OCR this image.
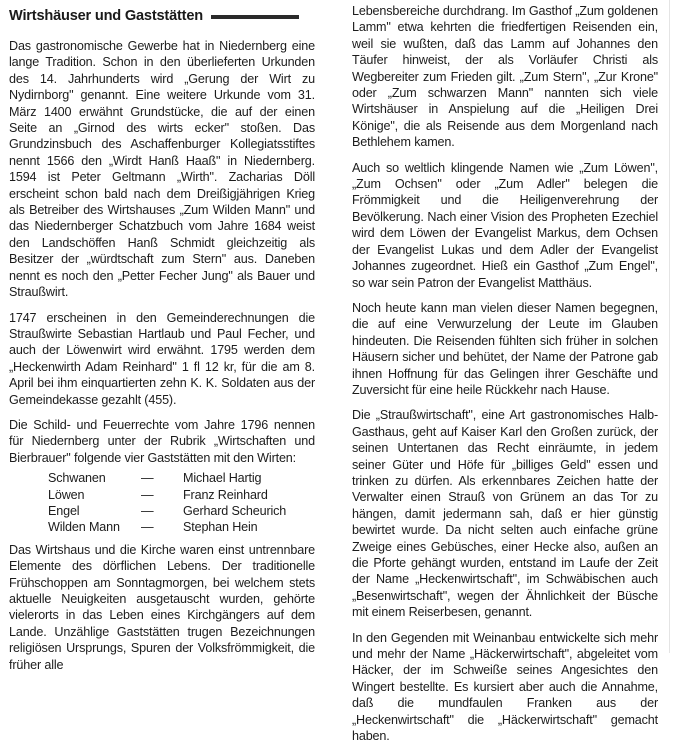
Wirtshäuser und Gaststätten

Das gastronomische Gewerbe hat in Niedernberg eine lange Tradition. Schon in den überlieferten Urkunden des 14. Jahrhunderts wird „Gerung der Wirt zu Nydirnborg" genannt. Eine weitere Urkunde vom 31. März 1400 erwähnt Grundstücke, die auf der einen Seite an „Girnod des wirts ecker" stoßen. Das Grundzinsbuch des Aschaffenburger Kollegiatsstiftes nennt 1566 den „Wirdt Hanß Haaß" in Niedernberg. 1594 ist Peter Geltmann „Wirth". Zacharias Döll erscheint schon bald nach dem Dreißigjährigen Krieg als Betreiber des Wirtshauses „Zum Wilden Mann" und das Niedernberger Schatzbuch vom Jahre 1684 weist den Landschöffen Hanß Schmidt gleichzeitig als Besitzer der „würdtschaft zum Stern" aus. Daneben nennt es noch den „Petter Fecher Jung" als Bauer und Straußwirt.

1747 erscheinen in den Gemeinderechnungen die Straußwirte Sebastian Hartlaub und Paul Fecher, und auch der Löwenwirt wird erwähnt. 1795 werden dem „Heckenwirth Adam Reinhard" 1 fl 12 kr, für die am 8. April bei ihm einquartierten zehn K. K. Soldaten aus der Gemeindekasse gezahlt (455).

Die Schild- und Feuerrechte vom Jahre 1796 nennen für Niedernberg unter der Rubrik „Wirtschaften und Bierbrauer" folgende vier Gaststätten mit den Wirten:

Schwanen	—	Michael Hartig
Löwen	—	Franz Reinhard
Engel	—	Gerhard Scheurich
Wilden Mann	—	Stephan Hein

Das Wirtshaus und die Kirche waren einst untrennbare Elemente des dörflichen Lebens. Der traditionelle Frühschoppen am Sonntagmorgen, bei welchem stets aktuelle Neuigkeiten ausgetauscht wurden, gehörte vielerorts in das Leben eines Kirchgängers auf dem Lande. Unzählige Gaststätten trugen Bezeichnungen religiösen Ursprungs, Spuren der Volksfrömmigkeit, die früher alle

Lebensbereiche durchdrang. Im Gasthof „Zum goldenen Lamm" etwa kehrten die friedfertigen Reisenden ein, weil sie wußten, daß das Lamm auf Johannes den Täufer hinweist, der als Vorläufer Christi als Wegbereiter zum Frieden gilt. „Zum Stern", „Zur Krone" oder „Zum schwarzen Mann" nannten sich viele Wirtshäuser in Anspielung auf die „Heiligen Drei Könige", die als Reisende aus dem Morgenland nach Bethlehem kamen.

Auch so weltlich klingende Namen wie „Zum Löwen", „Zum Ochsen" oder „Zum Adler" belegen die Frömmigkeit und die Heiligenverehrung der Bevölkerung. Nach einer Vision des Propheten Ezechiel wird dem Löwen der Evangelist Markus, dem Ochsen der Evangelist Lukas und dem Adler der Evangelist Johannes zugeordnet. Hieß ein Gasthof „Zum Engel", so war sein Patron der Evangelist Matthäus.

Noch heute kann man vielen dieser Namen begegnen, die auf eine Verwurzelung der Leute im Glauben hindeuten. Die Reisenden fühlten sich früher in solchen Häusern sicher und behütet, der Name der Patrone gab ihnen Hoffnung für das Gelingen ihrer Geschäfte und Zuversicht für eine heile Rückkehr nach Hause.

Die „Straußwirtschaft", eine Art gastronomisches Halb-Gasthaus, geht auf Kaiser Karl den Großen zurück, der seinen Untertanen das Recht einräumte, in jedem seiner Güter und Höfe für „billiges Geld" essen und trinken zu dürfen. Als erkennbares Zeichen hatte der Verwalter einen Strauß von Grünem an das Tor zu hängen, damit jedermann sah, daß er hier günstig bewirtet wurde. Da nicht selten auch einfache grüne Zweige eines Gebüsches, einer Hecke also, außen an die Pforte gehängt wurden, entstand im Laufe der Zeit der Name „Heckenwirtschaft", im Schwäbischen auch „Besenwirtschaft", wegen der Ähnlichkeit der Büsche mit einem Reiserbesen, genannt.

In den Gegenden mit Weinanbau entwickelte sich mehr und mehr der Name „Häckerwirtschaft", abgeleitet vom Häcker, der im Schweiße seines Angesichtes den Wingert bestellte. Es kursiert aber auch die Annahme, daß die mundfaulen Franken aus der „Heckenwirtschaft" die „Häckerwirtschaft" gemacht haben.
